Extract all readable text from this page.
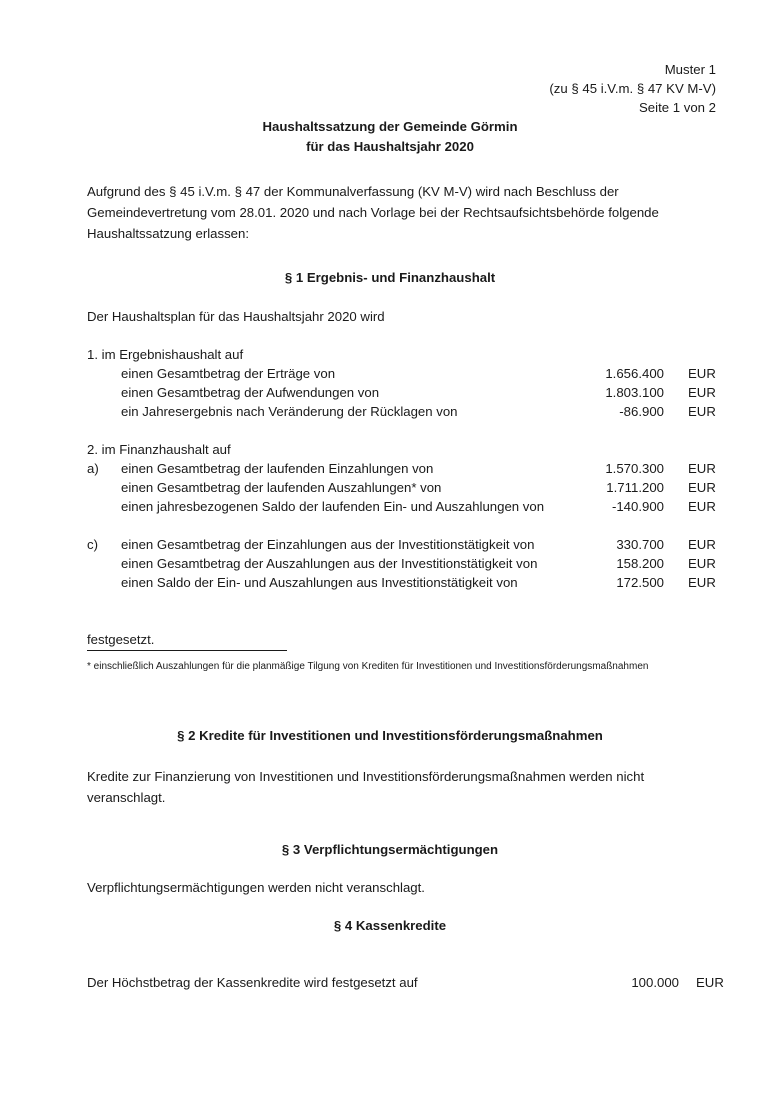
Muster 1
(zu § 45 i.V.m. § 47 KV M-V)
Seite 1 von 2
Haushaltssatzung der Gemeinde Görmin
für das Haushaltsjahr 2020
Aufgrund des § 45 i.V.m. § 47 der Kommunalverfassung (KV M-V) wird nach Beschluss der Gemeindevertretung vom 28.01. 2020 und nach Vorlage bei der Rechtsaufsichtsbehörde folgende Haushaltssatzung erlassen:
§ 1 Ergebnis- und Finanzhaushalt
Der Haushaltsplan für das Haushaltsjahr 2020 wird
1. im Ergebnishaushalt auf
einen Gesamtbetrag der Erträge von	1.656.400 EUR
einen Gesamtbetrag der Aufwendungen von	1.803.100 EUR
ein Jahresergebnis nach Veränderung der Rücklagen von	-86.900 EUR
2. im Finanzhaushalt auf
a) einen Gesamtbetrag der laufenden Einzahlungen von	1.570.300 EUR
einen Gesamtbetrag der laufenden Auszahlungen* von	1.711.200 EUR
einen jahresbezogenen Saldo der laufenden Ein- und Auszahlungen von	-140.900 EUR
c) einen Gesamtbetrag der Einzahlungen aus der Investitionstätigkeit von	330.700 EUR
einen Gesamtbetrag der Auszahlungen aus der Investitionstätigkeit von	158.200 EUR
einen Saldo der Ein- und Auszahlungen aus Investitionstätigkeit von	172.500 EUR
festgesetzt.
* einschließlich Auszahlungen für die planmäßige Tilgung von Krediten für Investitionen und Investitionsförderungsmaßnahmen
§ 2 Kredite für Investitionen und Investitionsförderungsmaßnahmen
Kredite zur Finanzierung von Investitionen und Investitionsförderungsmaßnahmen werden nicht veranschlagt.
§ 3 Verpflichtungsermächtigungen
Verpflichtungsermächtigungen werden nicht veranschlagt.
§ 4 Kassenkredite
Der Höchstbetrag der Kassenkredite wird festgesetzt auf	100.000 EUR
